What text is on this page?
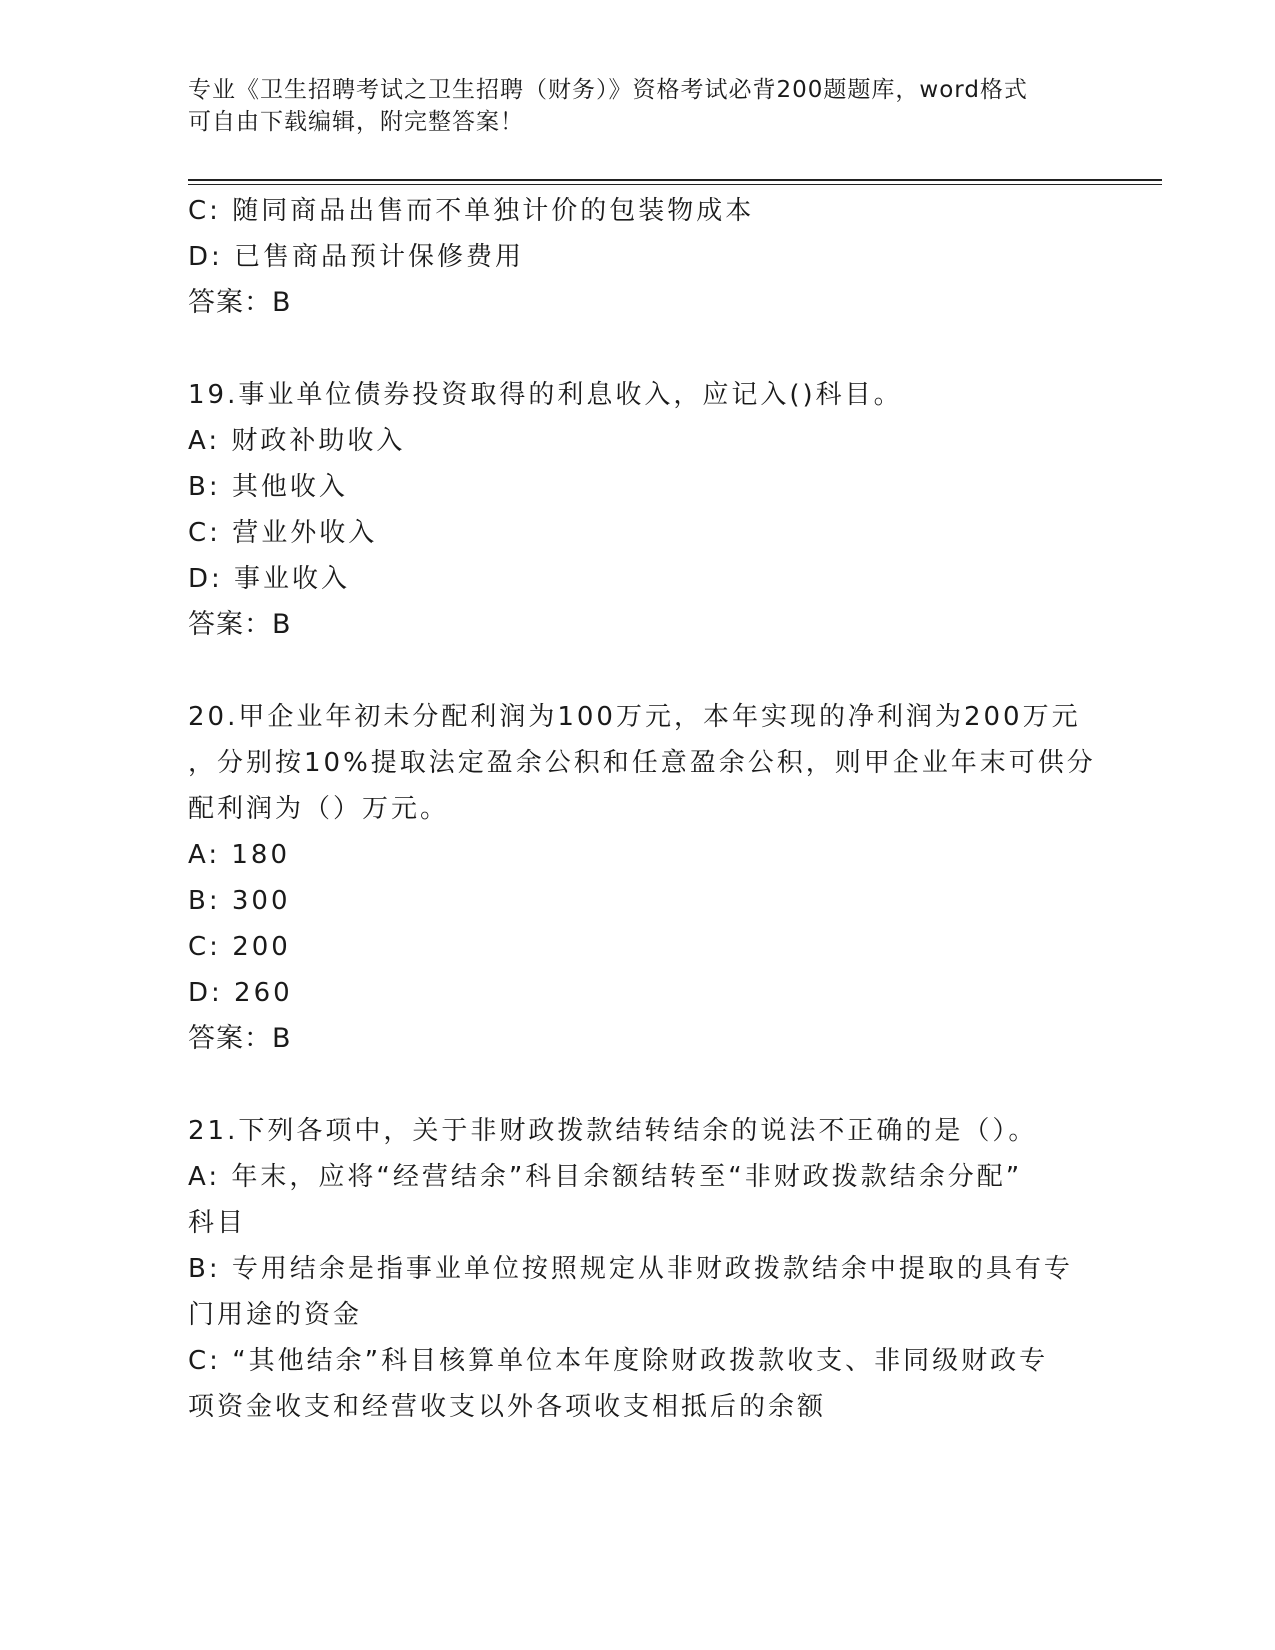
专业《卫生招聘考试之卫生招聘（财务）》资格考试必背200题题库，word格式
可自由下载编辑，附完整答案！
C: 随同商品出售而不单独计价的包装物成本
D: 已售商品预计保修费用
答案：B
19.事业单位债券投资取得的利息收入，应记入()科目。
A: 财政补助收入
B: 其他收入
C: 营业外收入
D: 事业收入
答案：B
20.甲企业年初未分配利润为100万元，本年实现的净利润为200万元
，分别按10%提取法定盈余公积和任意盈余公积，则甲企业年末可供分
配利润为（）万元。
A: 180
B: 300
C: 200
D: 260
答案：B
21.下列各项中，关于非财政拨款结转结余的说法不正确的是（）。
A: 年末，应将“经营结余”科目余额结转至“非财政拨款结余分配”
科目
B: 专用结余是指事业单位按照规定从非财政拨款结余中提取的具有专
门用途的资金
C: “其他结余”科目核算单位本年度除财政拨款收支、非同级财政专
项资金收支和经营收支以外各项收支相抵后的余额
